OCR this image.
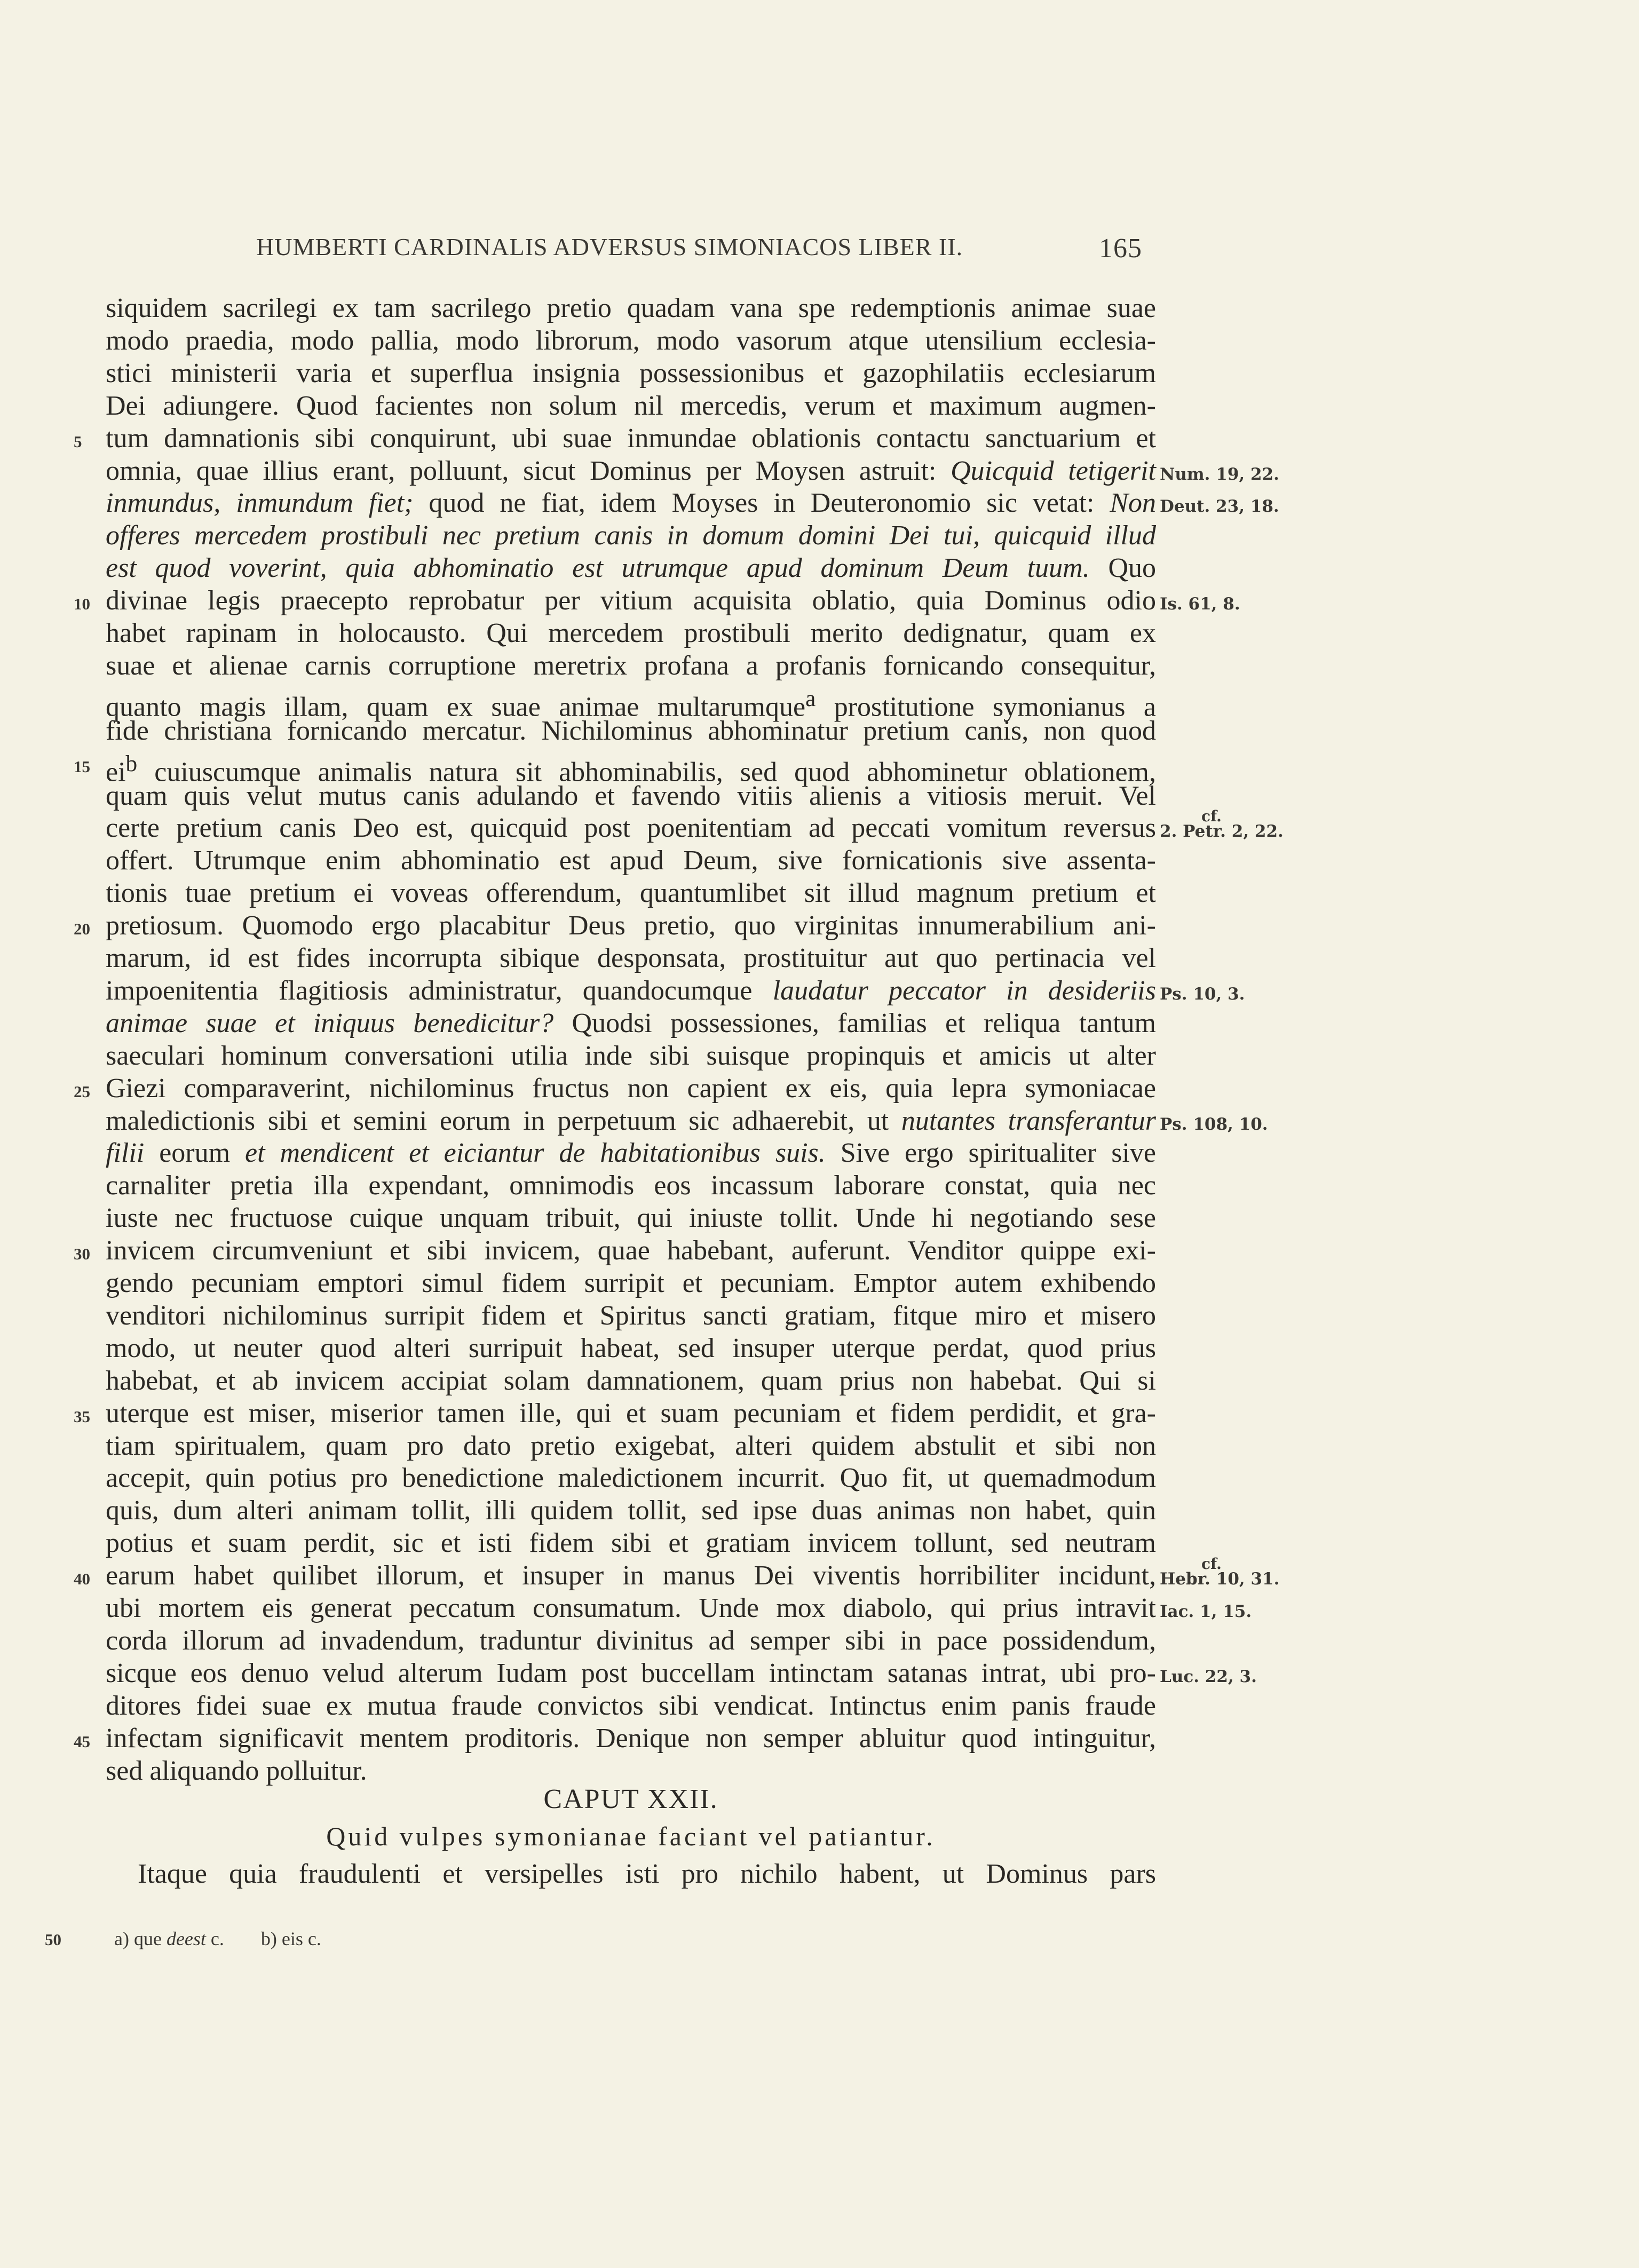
HUMBERTI CARDINALIS ADVERSUS SIMONIACOS LIBER II.	165
siquidem sacrilegi ex tam sacrilego pretio quadam vana spe redemptionis animae suae
modo praedia, modo pallia, modo librorum, modo vasorum atque utensilium ecclesia-
stici ministerii varia et superflua insignia possessionibus et gazophilatiis ecclesiarum
Dei adiungere. Quod facientes non solum nil mercedis, verum et maximum augmen-
5 tum damnationis sibi conquirunt, ubi suae inmundae oblationis contactu sanctuarium et
omnia, quae illius erant, polluunt, sicut Dominus per Moysen astruit: Quicquid tetigerit Num. 19, 22.
inmundus, inmundum fiet; quod ne fiat, idem Moyses in Deuteronomio sic vetat: Non Deut. 23, 18.
offeres mercedem prostibuli nec pretium canis in domum domini Dei tui, quicquid illud
est quod voverint, quia abhominatio est utrumque apud dominum Deum tuum. Quo
10 divinae legis praecepto reprobatur per vitium acquisita oblatio, quia Dominus odio Is. 61, 8.
habet rapinam in holocausto. Qui mercedem prostibuli merito dedignatur, quam ex
suae et alienae carnis corruptione meretrix profana a profanis fornicando consequitur,
quanto magis illam, quam ex suae animae multarumque$^a$ prostitutione symonianus a
fide christiana fornicando mercatur. Nichilominus abhominatur pretium canis, non quod
15 $ei^b$ cuiuscumque animalis natura sit abhominabilis, sed quod abhominetur oblationem,
quam quis velut mutus canis adulando et favendo vitiis alienis a vitiosis meruit. Vel
certe pretium canis Deo est, quicquid post poenitentiam ad peccati vomitum reversus 2. Petr. 2, 22.
cf.
offert. Utrumque enim abhominatio est apud Deum, sive fornicationis sive assenta-
tionis tuae pretium ei voveas offerendum, quantumlibet sit illud magnum pretium et
20 pretiosum. Quomodo ergo placabitur Deus pretio, quo virginitas innumerabilium ani-
marum, id est fides incorrupta sibique desponsata, prostituitur aut quo pertinacia vel
impoenitentia flagitiosis administratur, quandocumque laudatur peccator in desideriis Ps. 10, 3.
animae suae et iniquus benedicitur? Quodsi possessiones, familias et reliqua tantum
saeculari hominum conversationi utilia inde sibi suisque propinquis et amicis ut alter
25 Giezi comparaverint, nichilominus fructus non capient ex eis, quia lepra symoniacae
maledictionis sibi et semini eorum in perpetuum sic adhaerebit, ut nutantes transferantur Ps. 108, 10.
filii eorum et mendicent et eiciantur de habitationibus suis. Sive ergo spiritualiter sive
carnaliter pretia illa expendant, omnimodis eos incassum laborare constat, quia nec
iuste nec fructuose cuique unquam tribuit, qui iniuste tollit. Unde hi negotiando sese
30 invicem circumveniunt et sibi invicem, quae habebant, auferunt. Venditor quippe exi-
gendo pecuniam emptori simul fidem surripit et pecuniam. Emptor autem exhibendo
venditori nichilominus surripit fidem et Spiritus sancti gratiam, fitque miro et misero
modo, ut neuter quod alteri surripuit habeat, sed insuper uterque perdat, quod prius
habebat, et ab invicem accipiat solam damnationem, quam prius non habebat. Qui si
35 uterque est miser, miserior tamen ille, qui et suam pecuniam et fidem perdidit, et gra-
tiam spiritualem, quam pro dato pretio exigebat, alteri quidem abstulit et sibi non
accepit, quin potius pro benedictione maledictionem incurrit. Quo fit, ut quemadmodum
quis, dum alteri animam tollit, illi quidem tollit, sed ipse duas animas non habet, quin
potius et suam perdit, sic et isti fidem sibi et gratiam invicem tollunt, sed neutram
40 earum habet quilibet illorum, et insuper in manus Dei viventis horribiliter incidunt, Hebr. 10, 31.
cf.
ubi mortem eis generat peccatum consumatum. Unde mox diabolo, qui prius intravit Iac. 1, 15.
corda illorum ad invadendum, traduntur divinitus ad semper sibi in pace possidendum,
sicque eos denuo velud alterum Iudam post buccellam intinctam satanas intrat, ubi pro- Luc. 22, 3.
ditores fidei suae ex mutua fraude convictos sibi vendicat. Intinctus enim panis fraude
45 infectam significavit mentem proditoris. Denique non semper abluitur quod intinguitur,
sed aliquando polluitur.
CAPUT XXII.
Quid vulpes symonianae faciant vel patiantur.
Itaque quia fraudulenti et versipelles isti pro nichilo habent, ut Dominus pars
50	a) que deest c. b) eis c.
